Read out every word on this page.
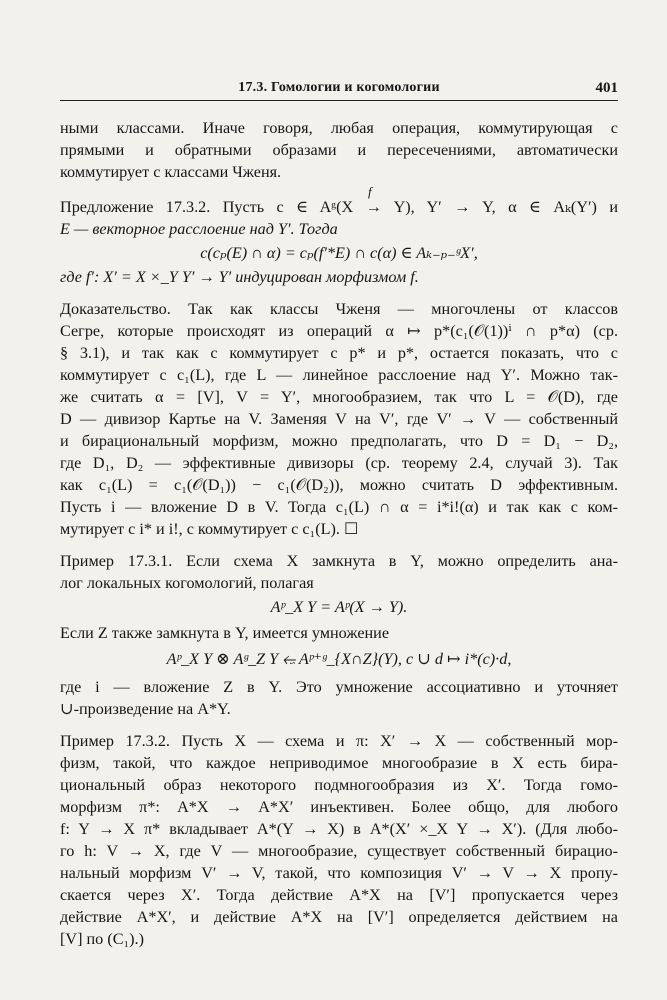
17.3. Гомологии и когомологии	401
ными классами. Иначе говоря, любая операция, коммутирующая с
прямыми и обратными образами и пересечениями, автоматически
коммутирует с классами Чженя.
f
Предложение 17.3.2. Пусть c ∈ Aᵍ(X → Y), Y′ → Y, α ∈ Aₖ(Y′) и
E — векторное расслоение над Y′. Тогда
c(cₚ(E) ∩ α) = cₚ(f′*E) ∩ c(α) ∈ Aₖ₋ₚ₋ᵍX′,
где f′: X′ = X ×_Y Y′ → Y′ индуцирован морфизмом f.
Доказательство. Так как классы Чженя — многочлены от классов
Сегре, которые происходят из операций α ↦ p*(c₁(𝒪(1))ⁱ ∩ p*α) (ср.
§ 3.1), и так как c коммутирует с p* и p*, остается показать, что c
коммутирует с c₁(L), где L — линейное расслоение над Y′. Можно так-
же считать α = [V], V = Y′, многообразием, так что L = 𝒪(D), где
D — дивизор Картье на V. Заменяя V на V′, где V′ → V — собственный
и бирациональный морфизм, можно предполагать, что D = D₁ − D₂,
где D₁, D₂ — эффективные дивизоры (ср. теорему 2.4, случай 3). Так
как c₁(L) = c₁(𝒪(D₁)) − c₁(𝒪(D₂)), можно считать D эффективным.
Пусть i — вложение D в V. Тогда c₁(L) ∩ α = i*i!(α) и так как c ком-
мутирует с i* и i!, c коммутирует с c₁(L). ☐
Пример 17.3.1. Если схема X замкнута в Y, можно определить ана-
лог локальных когомологий, полагая
Aᵖ_X Y = Aᵖ(X → Y).
Если Z также замкнута в Y, имеется умножение
Aᵖ_X Y ⊗ Aᵍ_Z Y ⭋ Aᵖ⁺ᵍ_{X∩Z}(Y), c ∪ d ↦ i*(c)·d,
где i — вложение Z в Y. Это умножение ассоциативно и уточняет
∪-произведение на A*Y.
Пример 17.3.2. Пусть X — схема и π: X′ → X — собственный мор-
физм, такой, что каждое неприводимое многообразие в X есть бира-
циональный образ некоторого подмногообразия из X′. Тогда гомо-
морфизм π*: A*X → A*X′ инъективен. Более общо, для любого
f: Y → X π* вкладывает A*(Y → X) в A*(X′ ×_X Y → X′). (Для любо-
го h: V → X, где V — многообразие, существует собственный бирацио-
нальный морфизм V′ → V, такой, что композиция V′ → V → X пропу-
скается через X′. Тогда действие A*X на [V′] пропускается через
действие A*X′, и действие A*X на [V′] определяется действием на
[V] по (C₁).)
